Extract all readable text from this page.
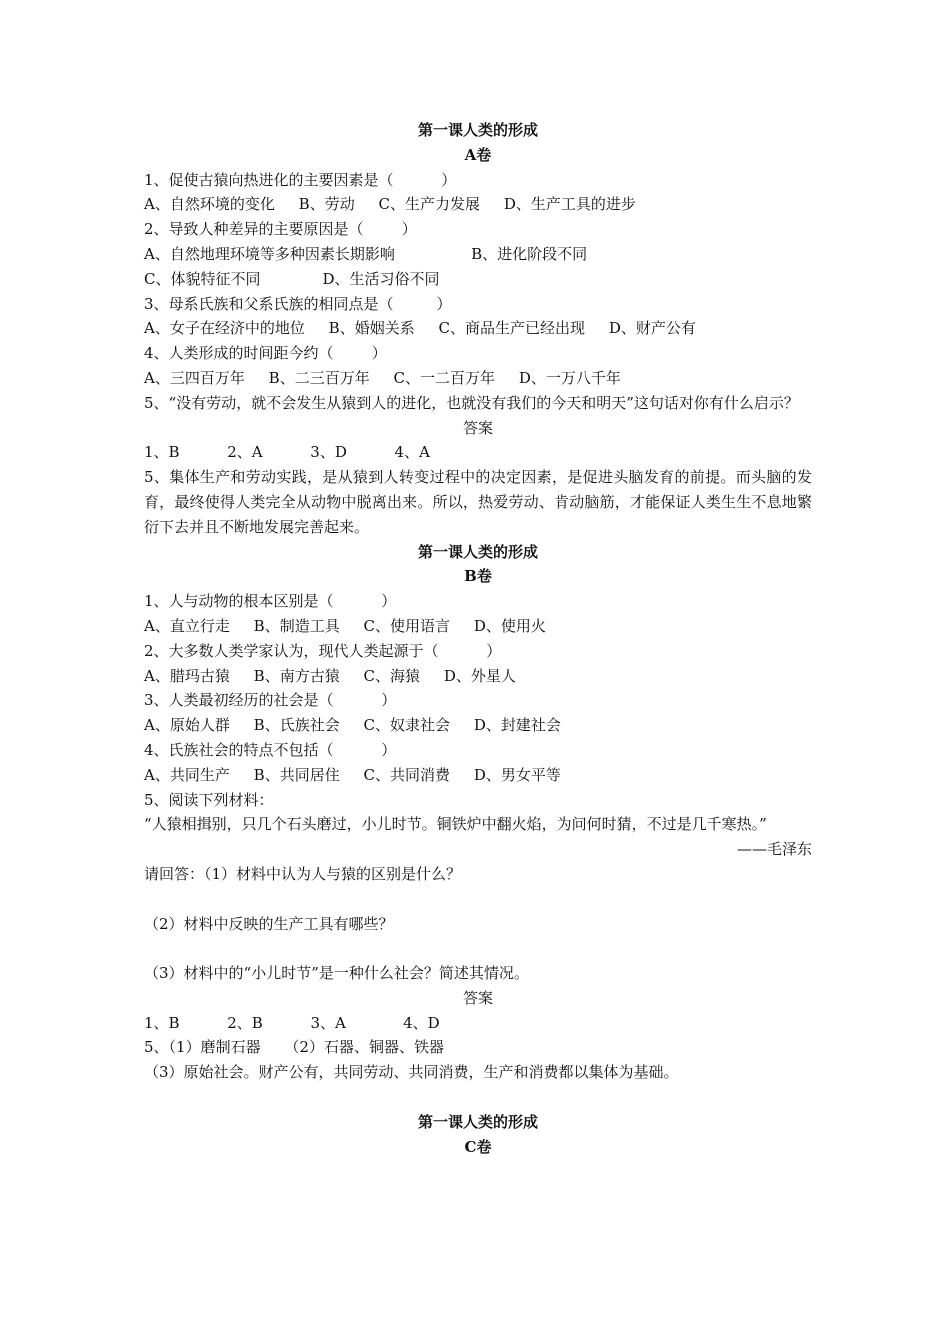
第一课人类的形成
A卷
1、促使古猿向热进化的主要因素是（          ）
A、自然环境的变化     B、劳动     C、生产力发展     D、生产工具的进步
2、导致人种差异的主要原因是（        ）
A、自然地理环境等多种因素长期影响                B、进化阶段不同
C、体貌特征不同             D、生活习俗不同
3、母系氏族和父系氏族的相同点是（         ）
A、女子在经济中的地位     B、婚姻关系     C、商品生产已经出现     D、财产公有
4、人类形成的时间距今约（        ）
A、三四百万年     B、二三百万年     C、一二百万年     D、一万八千年
5、“没有劳动，就不会发生从猿到人的进化，也就没有我们的今天和明天”这句话对你有什么启示？
答案
1、B          2、A          3、D          4、A
5、集体生产和劳动实践，是从猿到人转变过程中的决定因素，是促进头脑发育的前提。而头脑的发育，最终使得人类完全从动物中脱离出来。所以，热爱劳动、肯动脑筋，才能保证人类生生不息地繁衍下去并且不断地发展完善起来。
第一课人类的形成
B卷
1、人与动物的根本区别是（          ）
A、直立行走     B、制造工具     C、使用语言     D、使用火
2、大多数人类学家认为，现代人类起源于（          ）
A、腊玛古猿     B、南方古猿     C、海猿     D、外星人
3、人类最初经历的社会是（          ）
A、原始人群     B、氏族社会     C、奴隶社会     D、封建社会
4、氏族社会的特点不包括（          ）
A、共同生产     B、共同居住     C、共同消费     D、男女平等
5、阅读下列材料：
“人猿相揖别，只几个石头磨过，小儿时节。铜铁炉中翻火焰，为问何时猜，不过是几千寒热。”
——毛泽东
请回答：（1）材料中认为人与猿的区别是什么？
（2）材料中反映的生产工具有哪些？
（3）材料中的“小儿时节”是一种什么社会？简述其情况。
答案
1、B          2、B          3、A            4、D
5、（1）磨制石器     （2）石器、铜器、铁器
（3）原始社会。财产公有，共同劳动、共同消费，生产和消费都以集体为基础。
第一课人类的形成
C卷
